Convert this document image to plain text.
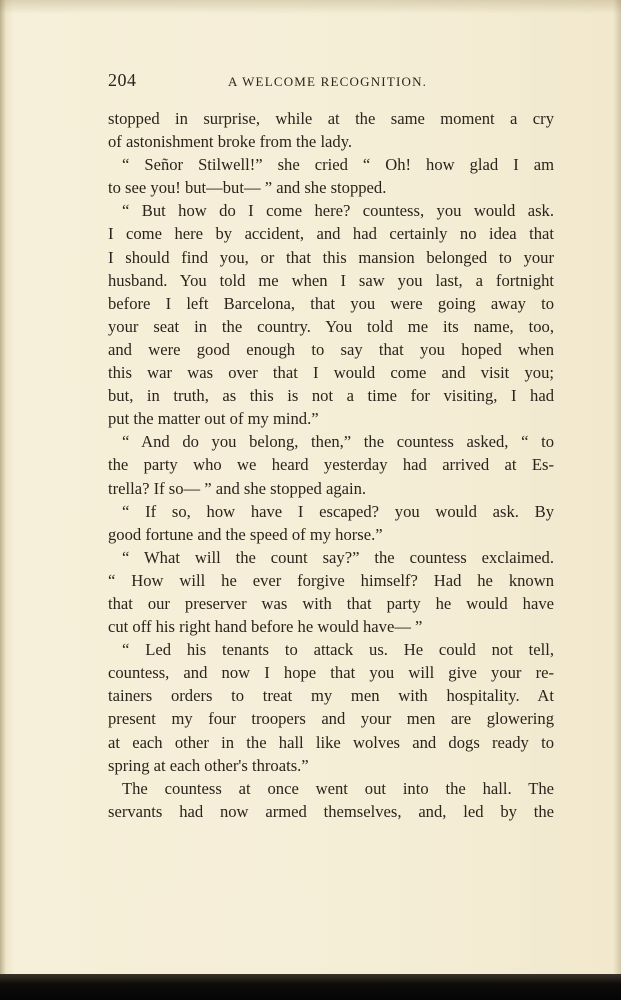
204	A WELCOME RECOGNITION.
stopped in surprise, while at the same moment a cry
of astonishment broke from the lady.
“ Señor Stilwell!” she cried “ Oh! how glad I am
to see you! but—but— ” and she stopped.
“ But how do I come here? countess, you would ask.
I come here by accident, and had certainly no idea that
I should find you, or that this mansion belonged to your
husband. You told me when I saw you last, a fortnight
before I left Barcelona, that you were going away to
your seat in the country. You told me its name, too,
and were good enough to say that you hoped when
this war was over that I would come and visit you;
but, in truth, as this is not a time for visiting, I had
put the matter out of my mind.”
“ And do you belong, then,” the countess asked, “ to
the party who we heard yesterday had arrived at Es-
trella? If so— ” and she stopped again.
“ If so, how have I escaped? you would ask. By
good fortune and the speed of my horse.”
“ What will the count say?” the countess exclaimed.
“ How will he ever forgive himself? Had he known
that our preserver was with that party he would have
cut off his right hand before he would have— ”
“ Led his tenants to attack us. He could not tell,
countess, and now I hope that you will give your re-
tainers orders to treat my men with hospitality. At
present my four troopers and your men are glowering
at each other in the hall like wolves and dogs ready to
spring at each other's throats.”
The countess at once went out into the hall. The
servants had now armed themselves, and, led by the
